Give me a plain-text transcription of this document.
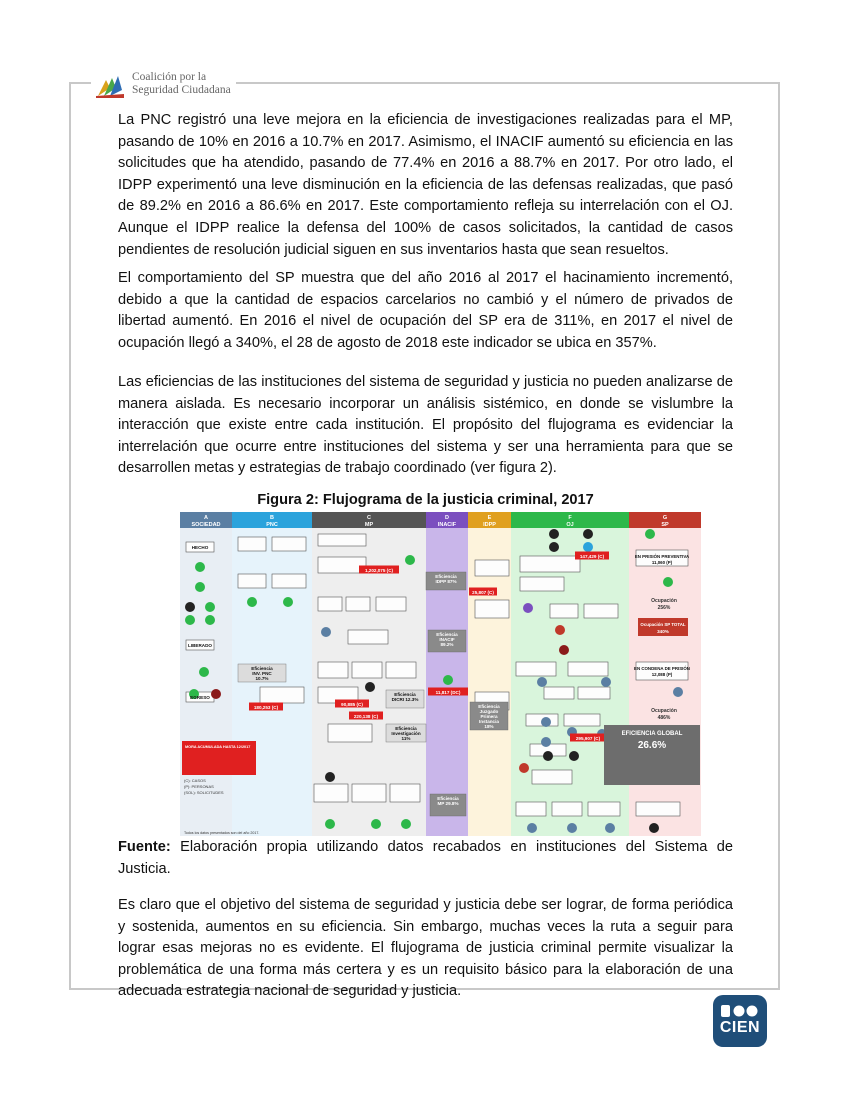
Coalición por la
Seguridad Ciudadana

La PNC registró una leve mejora en la eficiencia de investigaciones realizadas para el MP, pasando de 10% en 2016 a 10.7% en 2017. Asimismo, el INACIF aumentó su eficiencia en las solicitudes que ha atendido, pasando de 77.4% en 2016 a 88.7% en 2017. Por otro lado, el IDPP experimentó una leve disminución en la eficiencia de las defensas realizadas, que pasó de 89.2% en 2016 a 86.6% en 2017. Este comportamiento refleja su interrelación con el OJ. Aunque el IDPP realice la defensa del 100% de casos solicitados, la cantidad de casos pendientes de resolución judicial siguen en sus inventarios hasta que sean resueltos.

El comportamiento del SP muestra que del año 2016 al 2017 el hacinamiento incrementó, debido a que la cantidad de espacios carcelarios no cambió y el número de privados de libertad aumentó. En 2016 el nivel de ocupación del SP era de 311%, en 2017 el nivel de ocupación llegó a 340%, el 28 de agosto de 2018 este indicador se ubica en 357%.

Las eficiencias de las instituciones del sistema de seguridad y justicia no pueden analizarse de manera aislada. Es necesario incorporar un análisis sistémico, en donde se vislumbre la interacción que existe entre cada institución. El propósito del flujograma es evidenciar la interrelación que ocurre entre instituciones del sistema y ser una herramienta para que se desarrollen metas y estrategias de trabajo coordinado (ver figura 2).

Figura 2: Flujograma de la justicia criminal, 2017

A
SOCIEDAD
B
PNC
C
MP
D
INACIF
E
IDPP
F
OJ
G
SP
1,202,075 (C)
11,817 (DC)
25,807 (C)
147,429 (C)
180,253 (C)
90,885 (C)
220,138 (C)
295,907 (C)
Eficiencia INV. PNC 10.7%
Eficiencia DICRI 12.3%
Eficiencia Investigación 11%
Eficiencia IDPP 87%
Eficiencia INACIF 89.2%
Eficiencia MP 29.8%
Eficiencia Juzgado Primera Instancia 18%
EFICIENCIA GLOBAL
26.6%
Ocupación
256%
Ocupación SP TOTAL
340%
Ocupación
486%
EN PRISIÓN PREVENTIVA
11,060 (P)
EN CONDENA DE PRISIÓN
12,088 (P)
HECHO
LIBERADO
EGRESO
MORA ACUMULADA HASTA 12/2017
(C): CASOS
(P): PERSONAS
(SOL): SOLICITUDES
Todos los datos presentados son del año 2017.

Fuente: Elaboración propia utilizando datos recabados en instituciones del Sistema de Justicia.

Es claro que el objetivo del sistema de seguridad y justicia debe ser lograr, de forma periódica y sostenida, aumentos en su eficiencia. Sin embargo, muchas veces la ruta a seguir para lograr esas mejoras no es evidente. El flujograma de justicia criminal permite visualizar la problemática de una forma más certera y es un requisito básico para la elaboración de una adecuada estrategia nacional de seguridad y justicia.

CIEN
